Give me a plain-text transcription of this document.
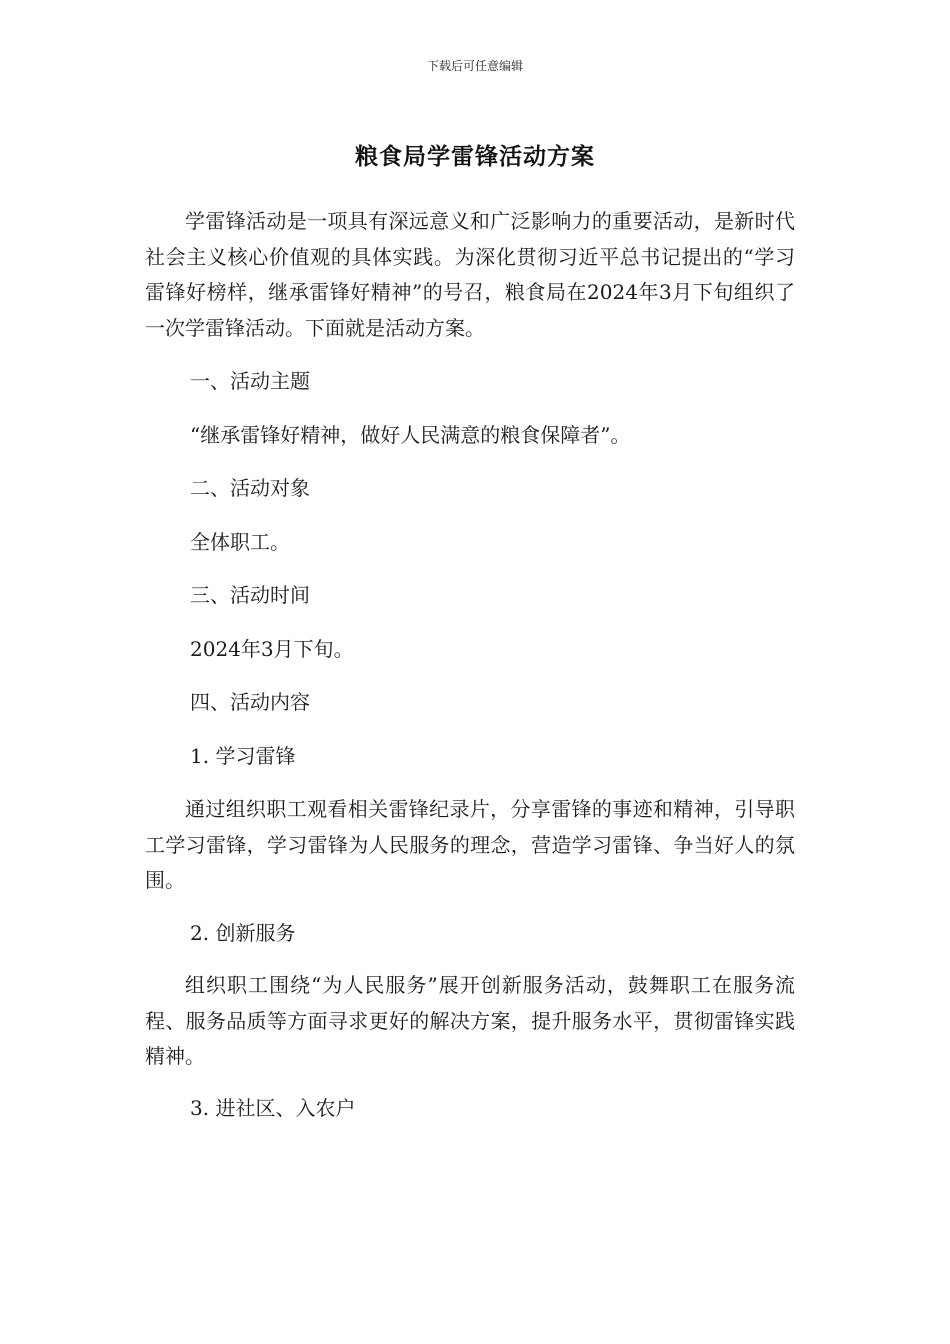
下载后可任意编辑
粮食局学雷锋活动方案

学雷锋活动是一项具有深远意义和广泛影响力的重要活动，是新时代社会主义核心价值观的具体实践。为深化贯彻习近平总书记提出的“学习雷锋好榜样，继承雷锋好精神”的号召，粮食局在2024年3月下旬组织了一次学雷锋活动。下面就是活动方案。

一、活动主题

“继承雷锋好精神，做好人民满意的粮食保障者”。

二、活动对象

全体职工。

三、活动时间

2024年3月下旬。

四、活动内容

1. 学习雷锋

通过组织职工观看相关雷锋纪录片，分享雷锋的事迹和精神，引导职工学习雷锋，学习雷锋为人民服务的理念，营造学习雷锋、争当好人的氛围。

2. 创新服务

组织职工围绕“为人民服务”展开创新服务活动，鼓舞职工在服务流程、服务品质等方面寻求更好的解决方案，提升服务水平，贯彻雷锋实践精神。

3. 进社区、入农户
